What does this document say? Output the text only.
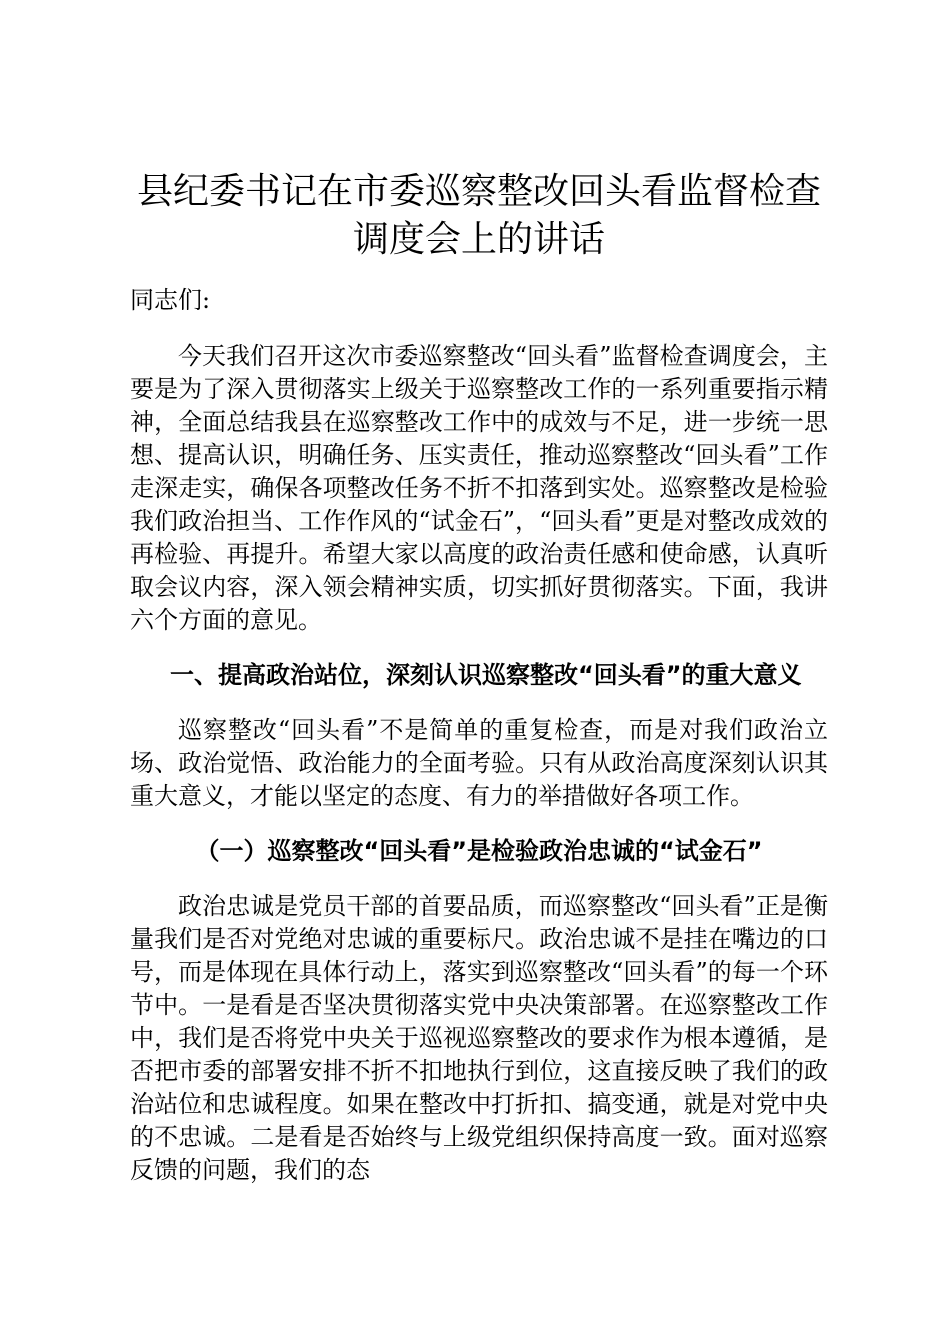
县纪委书记在市委巡察整改回头看监督检查调度会上的讲话

同志们:

今天我们召开这次市委巡察整改“回头看”监督检查调度会，主要是为了深入贯彻落实上级关于巡察整改工作的一系列重要指示精神，全面总结我县在巡察整改工作中的成效与不足，进一步统一思想、提高认识，明确任务、压实责任，推动巡察整改“回头看”工作走深走实，确保各项整改任务不折不扣落到实处。巡察整改是检验我们政治担当、工作作风的“试金石”，“回头看”更是对整改成效的再检验、再提升。希望大家以高度的政治责任感和使命感，认真听取会议内容，深入领会精神实质，切实抓好贯彻落实。下面，我讲六个方面的意见。

一、提高政治站位，深刻认识巡察整改“回头看”的重大意义

巡察整改“回头看”不是简单的重复检查，而是对我们政治立场、政治觉悟、政治能力的全面考验。只有从政治高度深刻认识其重大意义，才能以坚定的态度、有力的举措做好各项工作。

（一）巡察整改“回头看”是检验政治忠诚的“试金石”

政治忠诚是党员干部的首要品质，而巡察整改“回头看”正是衡量我们是否对党绝对忠诚的重要标尺。政治忠诚不是挂在嘴边的口号，而是体现在具体行动上，落实到巡察整改“回头看”的每一个环节中。一是看是否坚决贯彻落实党中央决策部署。在巡察整改工作中，我们是否将党中央关于巡视巡察整改的要求作为根本遵循，是否把市委的部署安排不折不扣地执行到位，这直接反映了我们的政治站位和忠诚程度。如果在整改中打折扣、搞变通，就是对党中央的不忠诚。二是看是否始终与上级党组织保持高度一致。面对巡察反馈的问题，我们的态
